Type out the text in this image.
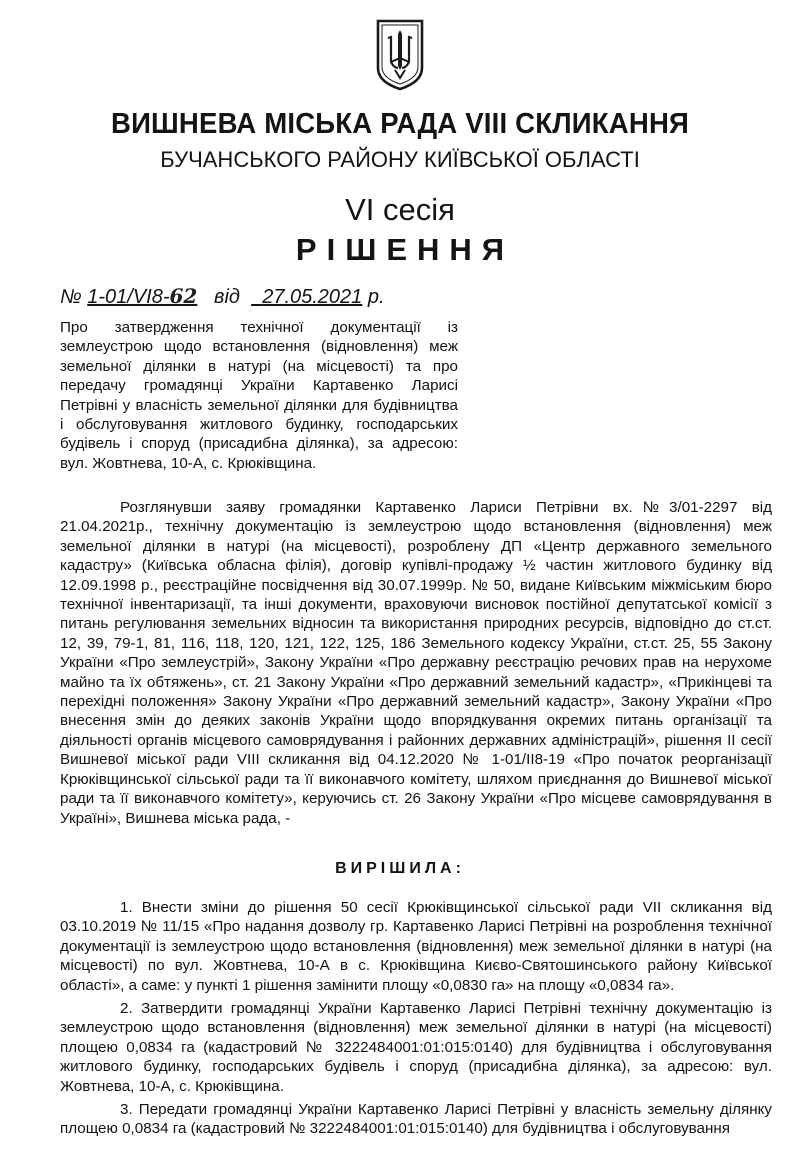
ВИШНЕВА МІСЬКА РАДА VIII СКЛИКАННЯ
БУЧАНСЬКОГО РАЙОНУ КИЇВСЬКОЇ ОБЛАСТІ
VI сесія
РІШЕННЯ
№ 1-01/VI8-62 від 27.05.2021 р.
Про затвердження технічної документації із землеустрою щодо встановлення (відновлення) меж земельної ділянки в натурі (на місцевості) та про передачу громадянці України Картавенко Ларисі Петрівні у власність земельної ділянки для будівництва і обслуговування житлового будинку, господарських будівель і споруд (присадибна ділянка), за адресою: вул. Жовтнева, 10-А, с. Крюківщина.
Розглянувши заяву громадянки Картавенко Лариси Петрівни вх.№3/01-2297 від 21.04.2021р., технічну документацію із землеустрою щодо встановлення (відновлення) меж земельної ділянки в натурі (на місцевості), розроблену ДП «Центр державного земельного кадастру» (Київська обласна філія), договір купівлі-продажу ½ частин житлового будинку від 12.09.1998 р., реєстраційне посвідчення від 30.07.1999р. № 50, видане Київським міжміським бюро технічної інвентаризації, та інші документи, враховуючи висновок постійної депутатської комісії з питань регулювання земельних відносин та використання природних ресурсів, відповідно до ст.ст. 12, 39, 79-1, 81, 116, 118, 120, 121, 122, 125, 186 Земельного кодексу України, ст.ст. 25, 55 Закону України «Про землеустрій», Закону України «Про державну реєстрацію речових прав на нерухоме майно та їх обтяжень», ст. 21 Закону України «Про державний земельний кадастр», «Прикінцеві та перехідні положення» Закону України «Про державний земельний кадастр», Закону України «Про внесення змін до деяких законів України щодо впорядкування окремих питань організації та діяльності органів місцевого самоврядування і районних державних адміністрацій», рішення ІІ сесії Вишневої міської ради VIII скликання від 04.12.2020 № 1-01/II8-19 «Про початок реорганізації Крюківщинської сільської ради та її виконавчого комітету, шляхом приєднання до Вишневої міської ради та її виконавчого комітету», керуючись ст. 26 Закону України «Про місцеве самоврядування в Україні», Вишнева міська рада, -
ВИРІШИЛА:

1. Внести зміни до рішення 50 сесії Крюківщинської сільської ради VII скликання від 03.10.2019 № 11/15 «Про надання дозволу гр. Картавенко Ларисі Петрівні на розроблення технічної документації із землеустрою щодо встановлення (відновлення) меж земельної ділянки в натурі (на місцевості) по вул. Жовтнева, 10-А в с. Крюківщина Києво-Святошинського району Київської області», а саме: у пункті 1 рішення замінити площу «0,0830 га» на площу «0,0834 га».

2. Затвердити громадянці України Картавенко Ларисі Петрівні технічну документацію із землеустрою щодо встановлення (відновлення) меж земельної ділянки в натурі (на місцевості) площею 0,0834 га (кадастровий № 3222484001:01:015:0140) для будівництва і обслуговування житлового будинку, господарських будівель і споруд (присадибна ділянка), за адресою: вул. Жовтнева, 10-А, с. Крюківщина.

3. Передати громадянці України Картавенко Ларисі Петрівні у власність земельну ділянку площею 0,0834 га (кадастровий № 3222484001:01:015:0140) для будівництва і обслуговування
